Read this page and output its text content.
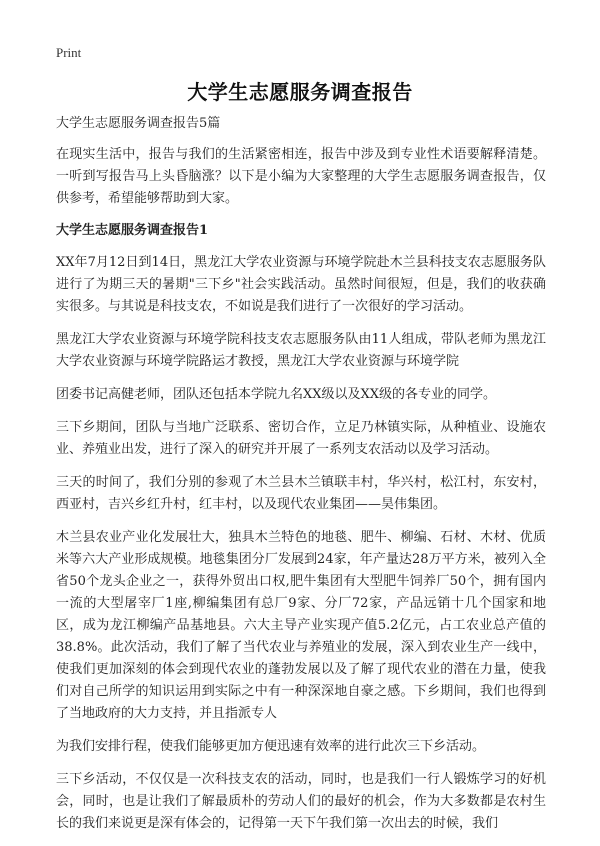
Print
大学生志愿服务调查报告
大学生志愿服务调查报告5篇

在现实生活中，报告与我们的生活紧密相连，报告中涉及到专业性术语要解释清楚。一听到写报告马上头昏脑涨？以下是小编为大家整理的大学生志愿服务调查报告，仅供参考，希望能够帮助到大家。

大学生志愿服务调查报告1

XX年7月12日到14日，黑龙江大学农业资源与环境学院赴木兰县科技支农志愿服务队进行了为期三天的暑期"三下乡"社会实践活动。虽然时间很短，但是，我们的收获确实很多。与其说是科技支农，不如说是我们进行了一次很好的学习活动。

黑龙江大学农业资源与环境学院科技支农志愿服务队由11人组成，带队老师为黑龙江大学农业资源与环境学院路运才教授，黑龙江大学农业资源与环境学院

团委书记高健老师，团队还包括本学院九名XX级以及XX级的各专业的同学。

三下乡期间，团队与当地广泛联系、密切合作，立足乃林镇实际，从种植业、设施农业、养殖业出发，进行了深入的研究并开展了一系列支农活动以及学习活动。

三天的时间了，我们分别的参观了木兰县木兰镇联丰村，华兴村，松江村，东安村，西亚村，吉兴乡红升村，红丰村，以及现代农业集团——昊伟集团。

木兰县农业产业化发展壮大，独具木兰特色的地毯、肥牛、柳编、石材、木材、优质米等六大产业形成规模。地毯集团分厂发展到24家，年产量达28万平方米，被列入全省50个龙头企业之一，获得外贸出口权,肥牛集团有大型肥牛饲养厂50个，拥有国内一流的大型屠宰厂1座,柳编集团有总厂9家、分厂72家，产品远销十几个国家和地区，成为龙江柳编产品基地县。六大主导产业实现产值5.2亿元，占工农业总产值的38.8%。此次活动，我们了解了当代农业与养殖业的发展，深入到农业生产一线中，使我们更加深刻的体会到现代农业的蓬勃发展以及了解了现代农业的潜在力量，使我们对自己所学的知识运用到实际之中有一种深深地自豪之感。下乡期间，我们也得到了当地政府的大力支持，并且指派专人

为我们安排行程，使我们能够更加方便迅速有效率的进行此次三下乡活动。

三下乡活动，不仅仅是一次科技支农的活动，同时，也是我们一行人锻炼学习的好机会，同时，也是让我们了解最质朴的劳动人们的最好的机会，作为大多数都是农村生长的我们来说更是深有体会的，记得第一天下午我们第一次出去的时候，我们
